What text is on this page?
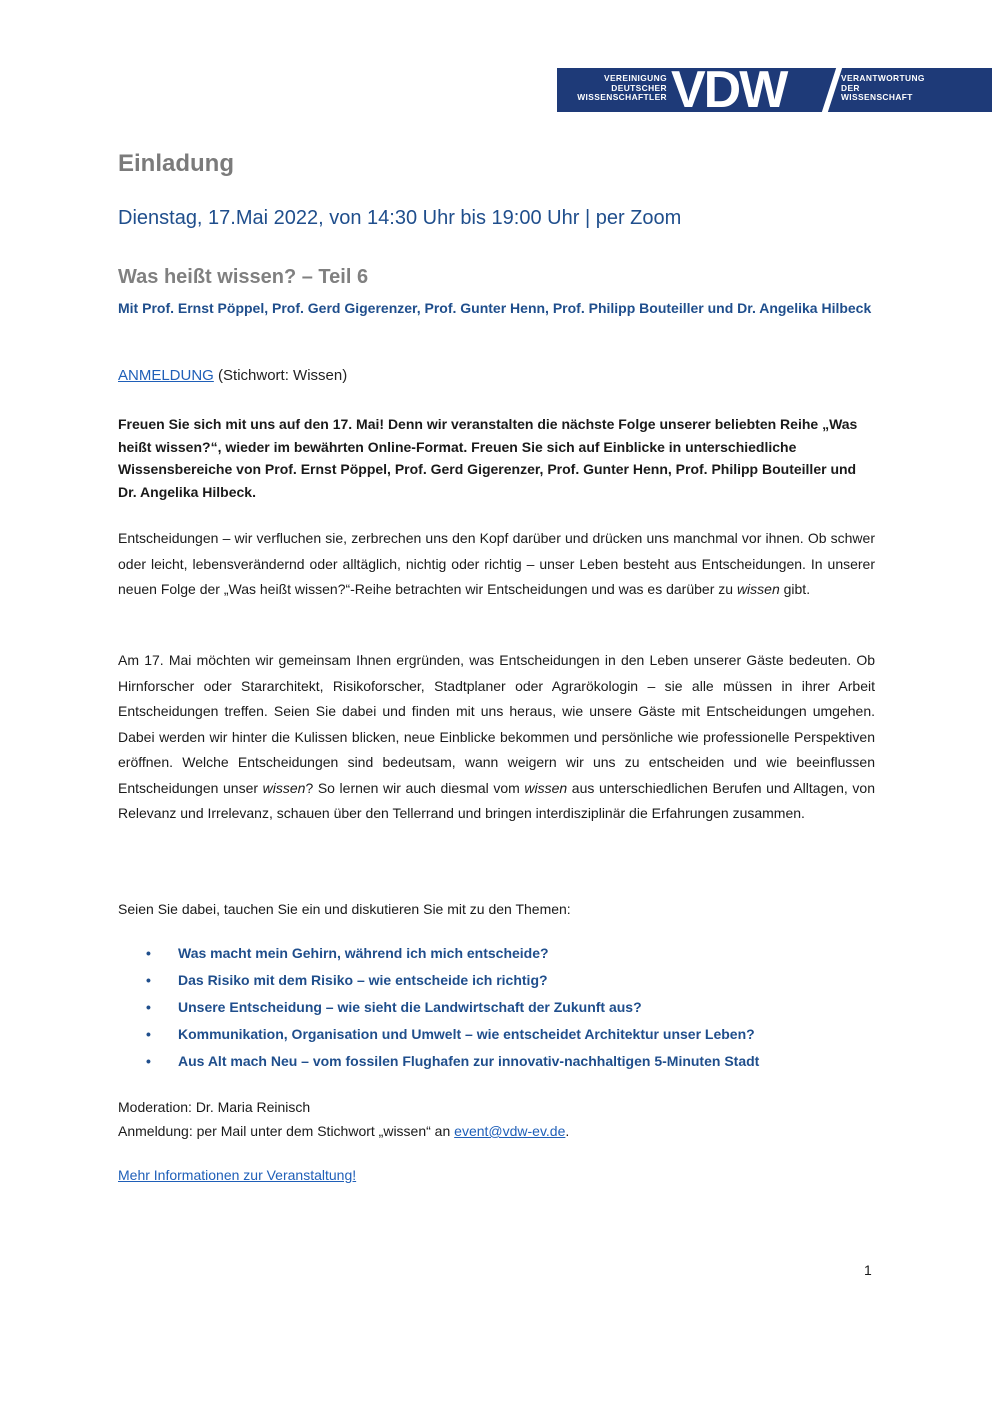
VEREINIGUNG
DEUTSCHER
WISSENSCHAFTLER VDW	VERANTWORTUNG
DER
WISSENSCHAFT
Einladung
Dienstag, 17.Mai 2022, von 14:30 Uhr bis 19:00 Uhr | per Zoom
Was heißt wissen? – Teil 6
Mit Prof. Ernst Pöppel, Prof. Gerd Gigerenzer, Prof. Gunter Henn, Prof. Philipp Bouteiller und Dr. Angelika Hilbeck
ANMELDUNG (Stichwort: Wissen)
Freuen Sie sich mit uns auf den 17. Mai! Denn wir veranstalten die nächste Folge unserer beliebten Reihe „Was heißt wissen?“, wieder im bewährten Online-Format. Freuen Sie sich auf Einblicke in unterschiedliche Wissensbereiche von Prof. Ernst Pöppel, Prof. Gerd Gigerenzer, Prof. Gunter Henn, Prof. Philipp Bouteiller und Dr. Angelika Hilbeck.
Entscheidungen – wir verfluchen sie, zerbrechen uns den Kopf darüber und drücken uns manchmal vor ihnen. Ob schwer oder leicht, lebensverändernd oder alltäglich, nichtig oder richtig – unser Leben besteht aus Entscheidungen. In unserer neuen Folge der „Was heißt wissen?“-Reihe betrachten wir Entscheidungen und was es darüber zu wissen gibt.
Am 17. Mai möchten wir gemeinsam Ihnen ergründen, was Entscheidungen in den Leben unserer Gäste bedeuten. Ob Hirnforscher oder Stararchitekt, Risikoforscher, Stadtplaner oder Agrarökologin – sie alle müssen in ihrer Arbeit Entscheidungen treffen. Seien Sie dabei und finden mit uns heraus, wie unsere Gäste mit Entscheidungen umgehen. Dabei werden wir hinter die Kulissen blicken, neue Einblicke bekommen und persönliche wie professionelle Perspektiven eröffnen. Welche Entscheidungen sind bedeutsam, wann weigern wir uns zu entscheiden und wie beeinflussen Entscheidungen unser wissen? So lernen wir auch diesmal vom wissen aus unterschiedlichen Berufen und Alltagen, von Relevanz und Irrelevanz, schauen über den Tellerrand und bringen interdisziplinär die Erfahrungen zusammen.
Seien Sie dabei, tauchen Sie ein und diskutieren Sie mit zu den Themen:
• Was macht mein Gehirn, während ich mich entscheide?
• Das Risiko mit dem Risiko – wie entscheide ich richtig?
• Unsere Entscheidung – wie sieht die Landwirtschaft der Zukunft aus?
• Kommunikation, Organisation und Umwelt – wie entscheidet Architektur unser Leben?
• Aus Alt mach Neu – vom fossilen Flughafen zur innovativ-nachhaltigen 5-Minuten Stadt
Moderation: Dr. Maria Reinisch
Anmeldung: per Mail unter dem Stichwort „wissen“ an event@vdw-ev.de.
Mehr Informationen zur Veranstaltung!
1
